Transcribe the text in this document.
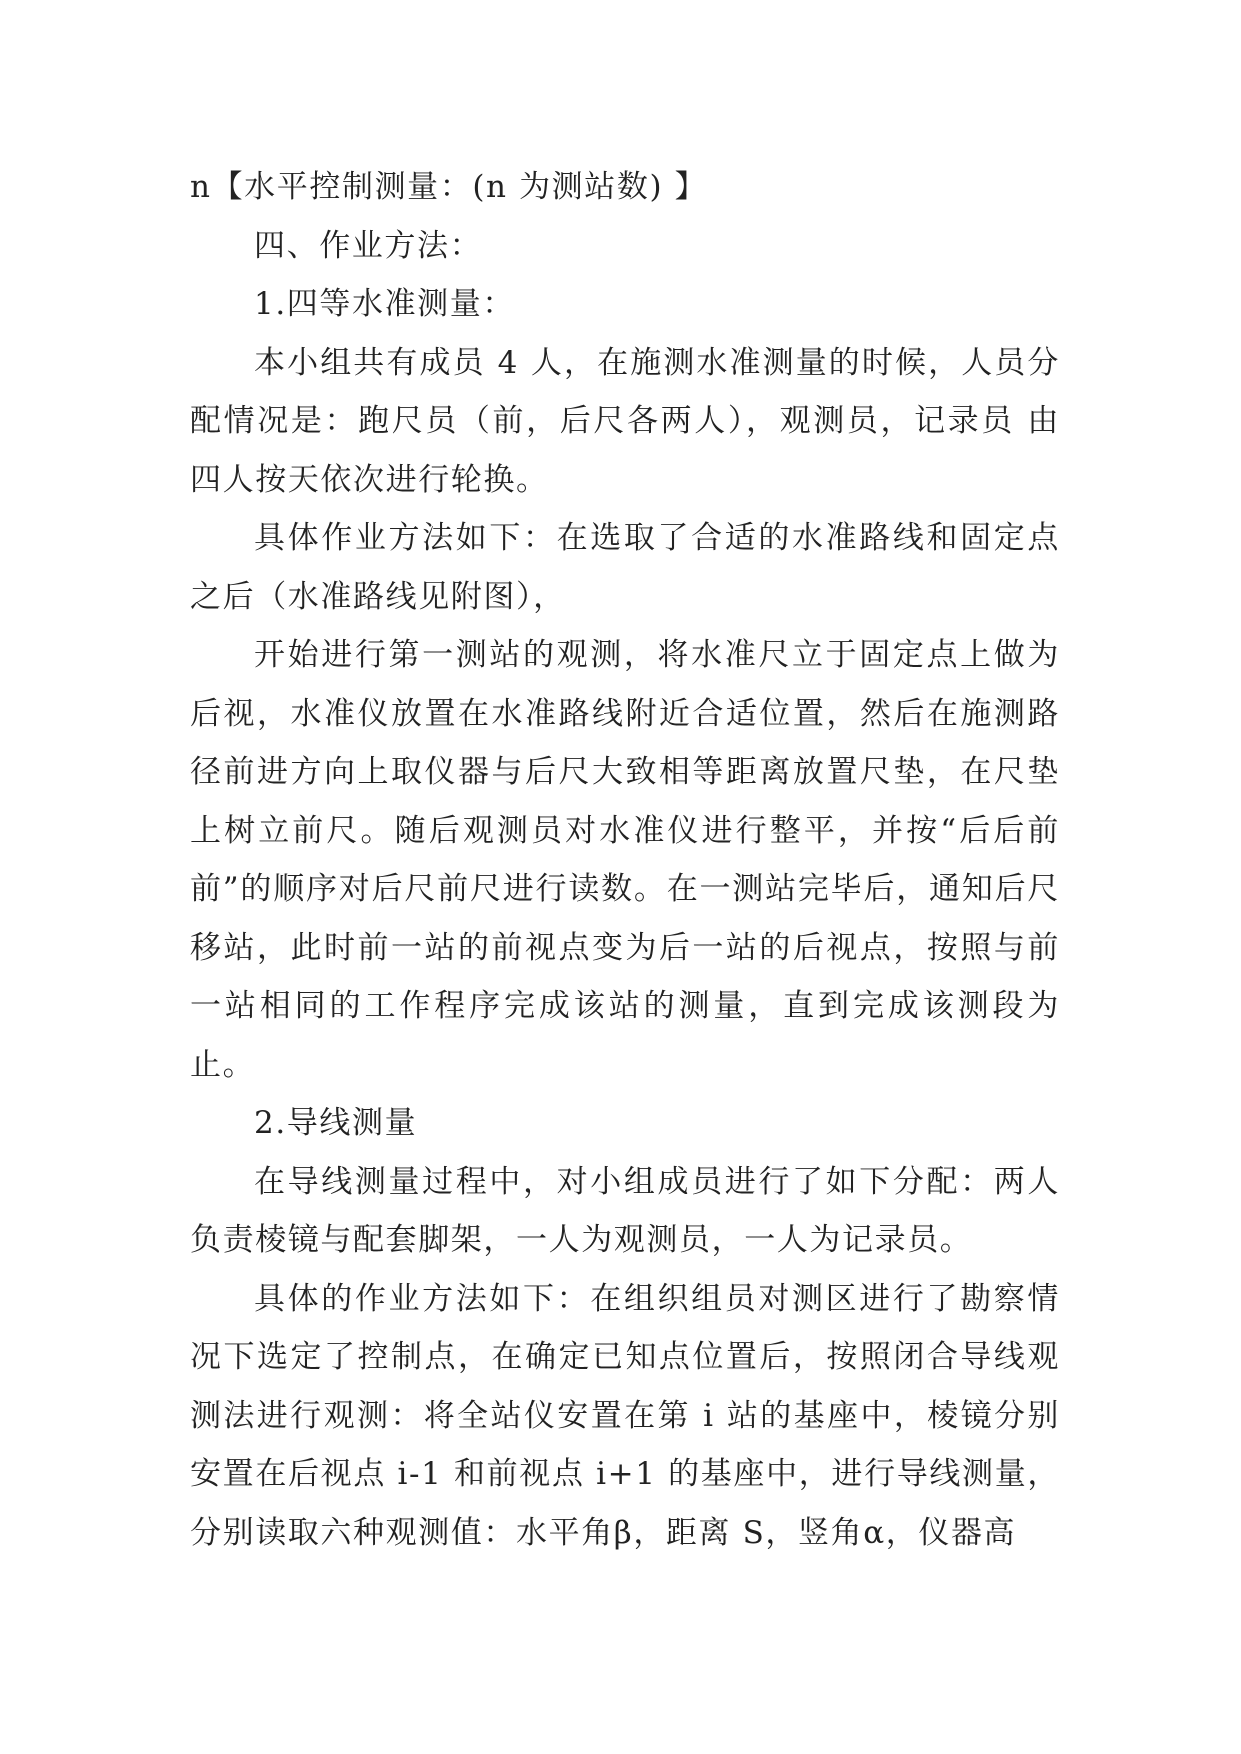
n【水平控制测量：(n 为测站数) 】

四、作业方法：

1.四等水准测量：

本小组共有成员 4 人，在施测水准测量的时候，人员分配情况是：跑尺员（前，后尺各两人），观测员，记录员 由四人按天依次进行轮换。

具体作业方法如下：在选取了合适的水准路线和固定点之后（水准路线见附图），

开始进行第一测站的观测，将水准尺立于固定点上做为后视，水准仪放置在水准路线附近合适位置，然后在施测路径前进方向上取仪器与后尺大致相等距离放置尺垫，在尺垫上树立前尺。随后观测员对水准仪进行整平，并按“后后前前”的顺序对后尺前尺进行读数。在一测站完毕后，通知后尺移站，此时前一站的前视点变为后一站的后视点，按照与前一站相同的工作程序完成该站的测量，直到完成该测段为止。

2.导线测量

在导线测量过程中，对小组成员进行了如下分配：两人负责棱镜与配套脚架，一人为观测员，一人为记录员。

具体的作业方法如下：在组织组员对测区进行了勘察情况下选定了控制点，在确定已知点位置后，按照闭合导线观测法进行观测：将全站仪安置在第 i 站的基座中，棱镜分别安置在后视点 i-1 和前视点 i+1 的基座中，进行导线测量，分别读取六种观测值：水平角β，距离 S，竖角α，仪器高
